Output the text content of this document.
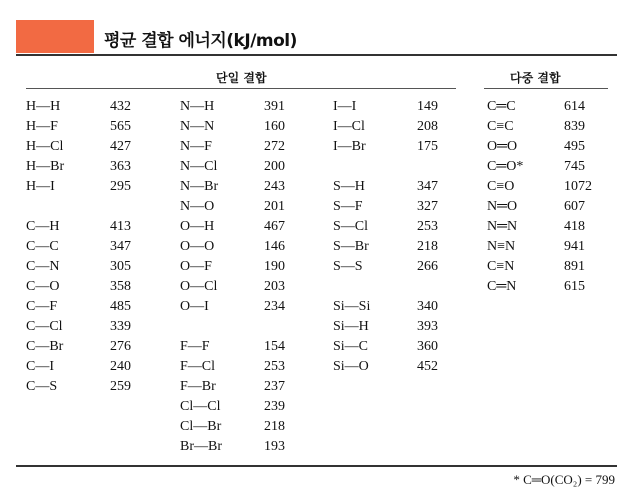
평균 결합 에너지(kJ/mol)
단일 결합	다중 결합
H—H	432
H—F	565
H—Cl	427
H—Br	363
H—I	295
C—H	413
C—C	347
C—N	305
C—O	358
C—F	485
C—Cl	339
C—Br	276
C—I	240
C—S	259
N—H	391
N—N	160
N—F	272
N—Cl	200
N—Br	243
N—O	201
O—H	467
O—O	146
O—F	190
O—Cl	203
O—I	234
F—F	154
F—Cl	253
F—Br	237
Cl—Cl	239
Cl—Br	218
Br—Br	193
I—I	149
I—Cl	208
I—Br	175
S—H	347
S—F	327
S—Cl	253
S—Br	218
S—S	266
Si—Si	340
Si—H	393
Si—C	360
Si—O	452
C═C	614
C≡C	839
O═O	495
C═O*	745
C≡O	1072
N═O	607
N═N	418
N≡N	941
C≡N	891
C═N	615
* C═O(CO₂) = 799
